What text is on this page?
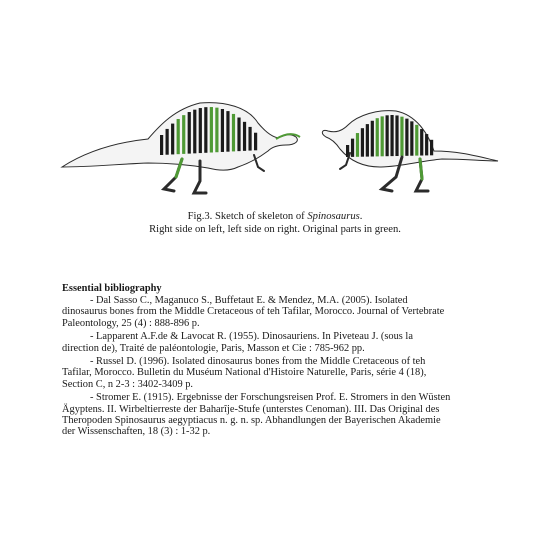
Fig.3. Sketch of skeleton of Spinosaurus.
Right side on left, left side on right. Original parts in green.
Essential bibliography
- Dal Sasso C., Maganuco S., Buffetaut E. & Mendez, M.A. (2005). Isolated
dinosaurus bones from the Middle Cretaceous of teh Tafilar, Morocco. Journal of Vertebrate
Paleontology, 25 (4) : 888-896 p.
- Lapparent A.F.de & Lavocat R. (1955). Dinosauriens. In Piveteau J. (sous la
direction de), Traité de paléontologie, Paris, Masson et Cie : 785-962 pp.
- Russel D. (1996). Isolated dinosaurus bones from the Middle Cretaceous of teh
Tafilar, Morocco. Bulletin du Muséum National d'Histoire Naturelle, Paris, série 4 (18),
Section C, n 2-3 : 3402-3409 p.
- Stromer E. (1915). Ergebnisse der Forschungsreisen Prof. E. Stromers in den Wüsten
Ägyptens. II. Wirbeltierreste der Baharîje-Stufe (unterstes Cenoman). III. Das Original des
Theropoden Spinosaurus aegyptiacus n. g. n. sp. Abhandlungen der Bayerischen Akademie
der Wissenschaften, 18 (3) : 1-32 p.
